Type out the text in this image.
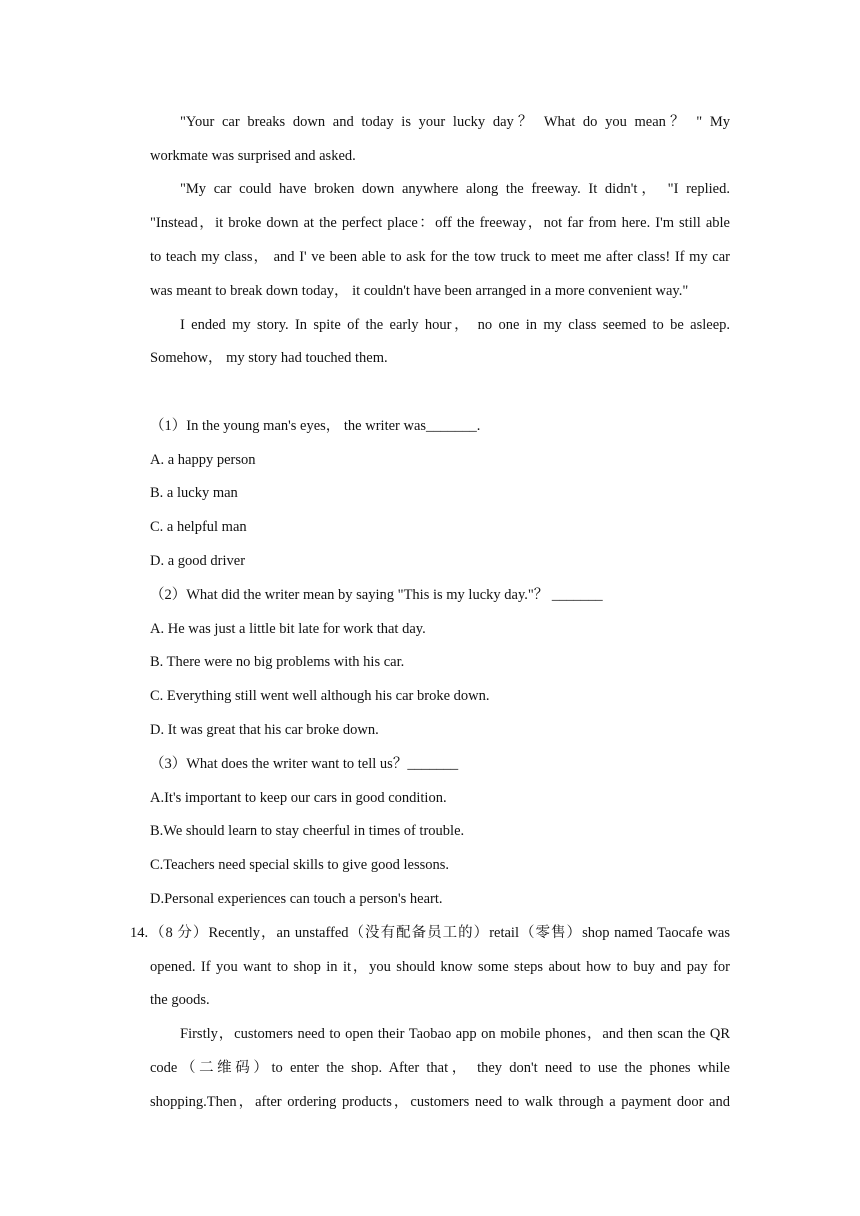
"Your car breaks down and today is your lucky day？ What do you mean？ " My
workmate was surprised and asked.
"My car could have broken down anywhere along the freeway. It didn't， "I replied.
"Instead，it broke down at the perfect place：off the freeway，not far from here. I'm still able
to teach my class， and I' ve been able to ask for the tow truck to meet me after class! If my car
was meant to break down today， it couldn't have been arranged in a more convenient way."
I ended my story. In spite of the early hour， no one in my class seemed to be asleep.
Somehow， my story had touched them.
（1）In the young man's eyes， the writer was_______.
A. a happy person
B. a lucky man
C. a helpful man
D. a good driver
（2）What did the writer mean by saying "This is my lucky day."？ _______
A. He was just a little bit late for work that day.
B. There were no big problems with his car.
C. Everything still went well although his car broke down.
D. It was great that his car broke down.
（3）What does the writer want to tell us？_______
A.It's important to keep our cars in good condition.
B.We should learn to stay cheerful in times of trouble.
C.Teachers need special skills to give good lessons.
D.Personal experiences can touch a person's heart.
14. （8 分）Recently，an unstaffed（没有配备员工的）retail（零售）shop named Taocafe was
opened. If you want to shop in it，you should know some steps about how to buy and pay for
the goods.
Firstly，customers need to open their Taobao app on mobile phones，and then scan the QR
code（二维码）to enter the shop. After that， they don't need to use the phones while
shopping.Then，after ordering products，customers need to walk through a payment door and
